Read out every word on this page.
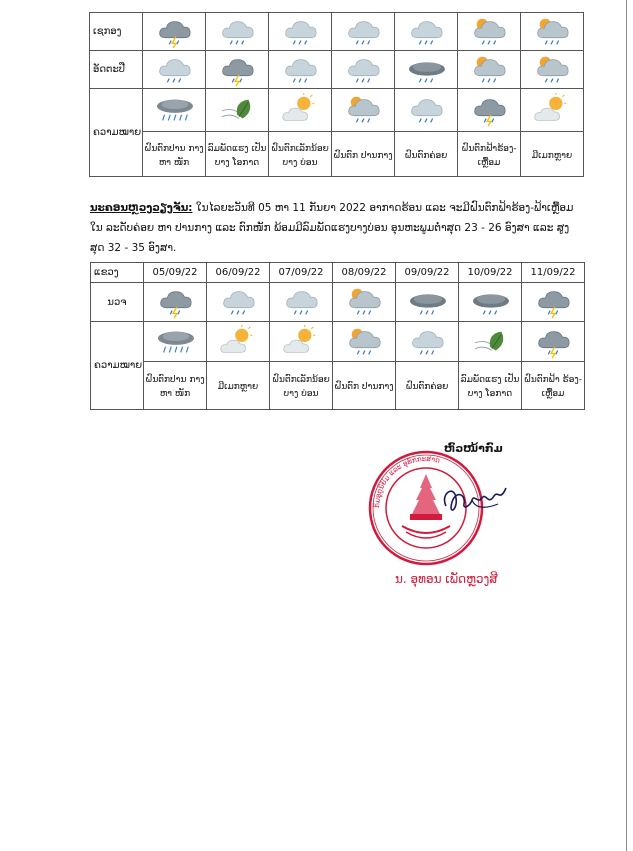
ເຊກອງ	

ອັດຕະປື	

ຄວາມໝາຍ	

	ຝົນຕົກປານ ກາງ ຫາ ໜັກ	ລົມພັດແຮງ ເປັນບາງ ໂອກາດ	ຝົນຕົກເລັກນ້ອຍບາງ ບ່ອນ	ຝົນຕົກ ປານກາງ	ຝົນຕົກຄ່ອຍ	ຝົນຕົກຟ້າຮ້ອງ- ເຫຼື້ອມ	ມີເມກຫຼາຍ
ນະຄອນຫຼວງວຽງຈັນ: ໃນໄລຍະວັນທີ 05 ຫາ 11 ກັນຍາ 2022 ອາກາດຮ້ອນ ແລະ ຈະມີຝົນຕົກຟ້າຮ້ອງ-ຟ້າເຫຼື້ອມໃນ ລະດັບຄ່ອຍ ຫາ ປານກາງ ແລະ ຕົກໜັກ ພ້ອມມີລົມພັດແຮງບາງບ່ອນ ອຸນຫະພູມຕ່ຳສຸດ 23 - 26 ອົງສາ ແລະ ສູງ ສຸດ 32 - 35 ອົງສາ.
ແຂວງ	05/09/22	06/09/22	07/09/22	08/09/22	09/09/22	10/09/22	11/09/22
ນວຈ	

ຄວາມໝາຍ	

	ຝົນຕົກປານ ກາງ ຫາ ໜັກ	ມີເມກຫຼາຍ	ຝົນຕົກເລັກນ້ອຍບາງ ບ່ອນ	ຝົນຕົກ ປານກາງ	ຝົນຕົກຄ່ອຍ	ລົມພັດແຮງ ເປັນບາງ ໂອກາດ	ຝົນຕົກຟ້າ ຮ້ອງ-ເຫຼື້ອມ
ຫົວໜ້າກົມ
ກົມອຸຕຸນິຍົມ ແລະ ອຸທົກກະສາດ
ນ. ອຸທອນ ເພັດຫຼວງສີ
